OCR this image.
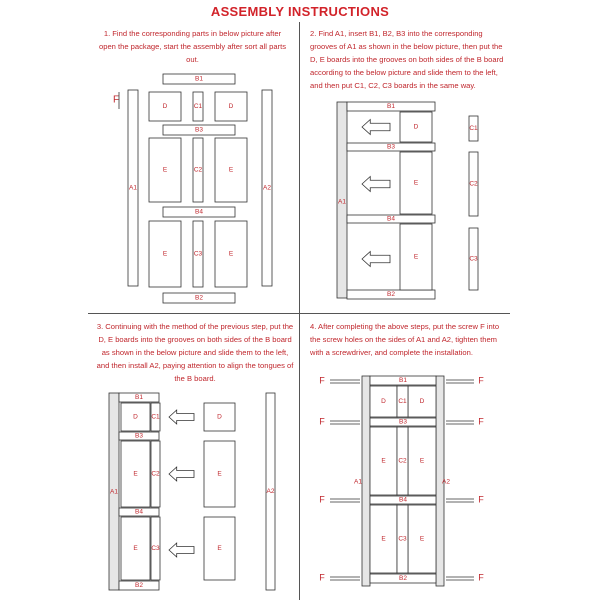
ASSEMBLY INSTRUCTIONS
1. Find the corresponding parts in below picture after open the package, start the assembly after sort all parts out.
2. Find A1, insert B1, B2, B3 into the corresponding grooves of A1 as shown in the below picture, then put the D, E boards into the grooves on both sides of the B board according to the below picture and slide them to the left, and then put C1, C2, C3 boards in the same way.
3. Continuing with the method of the previous step, put the D, E boards into the grooves on both sides of the B board as shown in the below picture and slide them to the left, and then install A2, paying attention to align the tongues of the B board.
4. After completing the above steps, put the screw F into the screw holes on the sides of A1 and A2, tighten them with a screwdriver, and complete the installation.
F
A1	A2
B1
B3
B4
B2
D	D
C1
E	E
C2
E	E
C3
A1
B1
B3
B4
B2
D
E
E
C1
C2
C3
A1
B1
B3
B4
B2
D
E
E
C1
C2
C3
D
E
E
A2
A1	A2
B1
B3
B4
B2
D	D
C1
E	E
C2
E	E
C3
F	F
F	F
F	F
F	F
